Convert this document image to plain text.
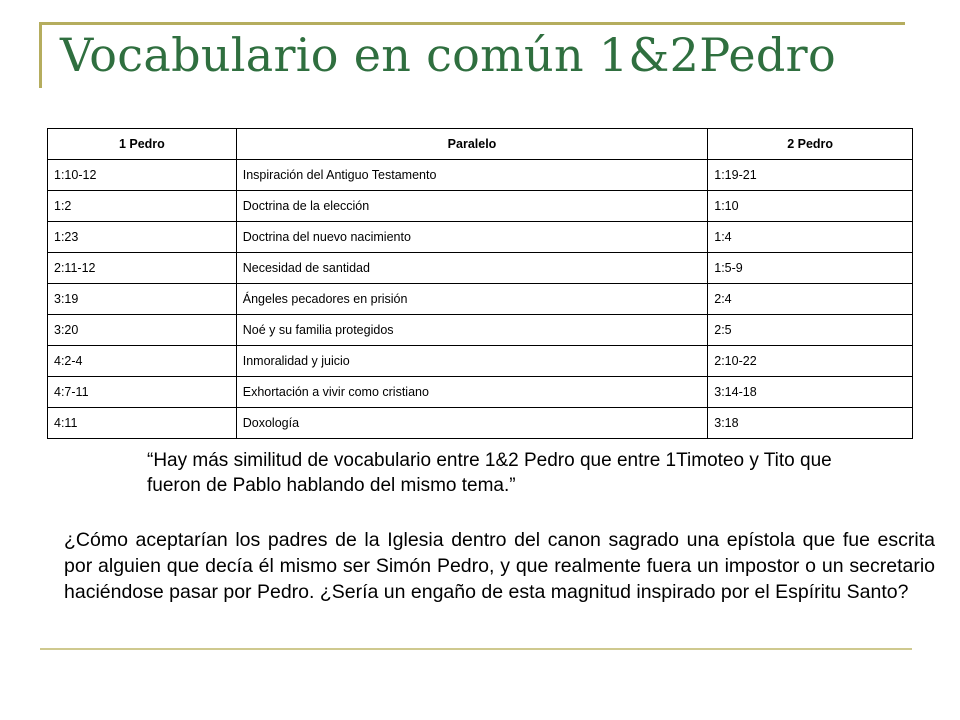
Vocabulario en común 1&2Pedro
1 Pedro	Paralelo	2 Pedro
1:10-12	Inspiración del Antiguo Testamento	1:19-21
1:2	Doctrina de la elección	1:10
1:23	Doctrina del nuevo nacimiento	1:4
2:11-12	Necesidad de santidad	1:5-9
3:19	Ángeles pecadores en prisión	2:4
3:20	Noé y su familia protegidos	2:5
4:2-4	Inmoralidad y juicio	2:10-22
4:7-11	Exhortación a vivir como cristiano	3:14-18
4:11	Doxología	3:18
“Hay más similitud de vocabulario entre 1&2 Pedro que entre 1Timoteo y Tito que fueron de Pablo hablando del mismo tema.”
¿Cómo aceptarían los padres de la Iglesia dentro del canon sagrado una epístola que fue escrita por alguien que decía él mismo ser Simón Pedro, y que realmente fuera un impostor o un secretario haciéndose pasar por Pedro. ¿Sería un engaño de esta magnitud inspirado por el Espíritu Santo?
